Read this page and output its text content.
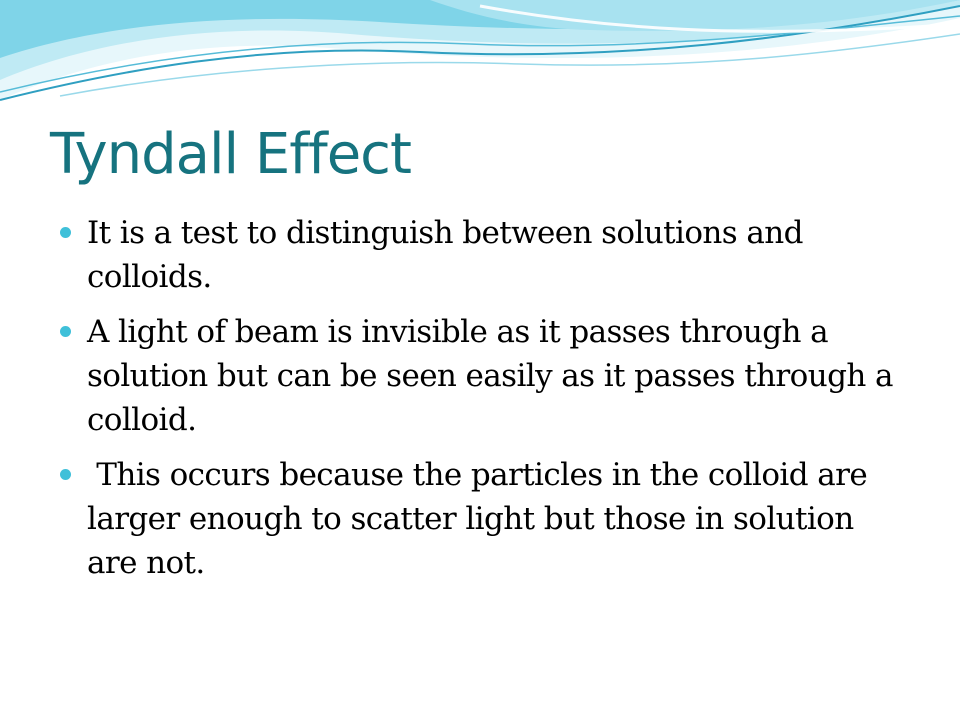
Tyndall Effect
It is a test to distinguish between solutions and colloids.
A light of beam is invisible as it passes through a solution but can be seen easily as it passes through a colloid.
This occurs because the particles in the colloid are larger enough to scatter light but those in solution are not.
